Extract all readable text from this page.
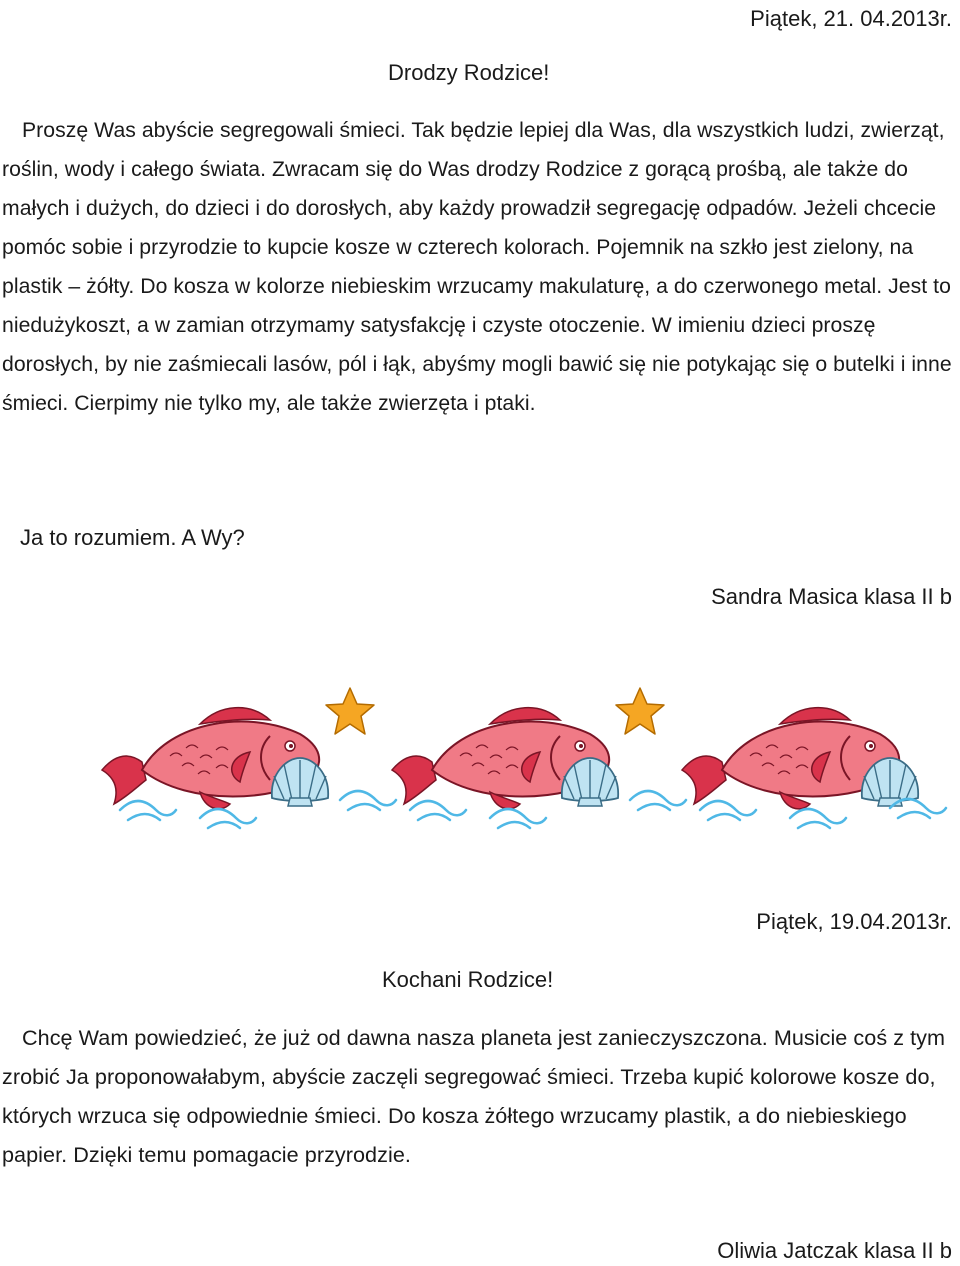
Piątek, 21. 04.2013r.
Drodzy Rodzice!
Proszę Was abyście segregowali śmieci. Tak będzie lepiej dla Was, dla wszystkich ludzi, zwierząt, roślin, wody i całego świata. Zwracam się do Was drodzy Rodzice z gorącą prośbą, ale także do małych i dużych, do dzieci i do dorosłych, aby każdy prowadził segregację odpadów. Jeżeli chcecie pomóc sobie i przyrodzie to kupcie kosze w czterech kolorach. Pojemnik na szkło jest zielony, na plastik – żółty. Do kosza w kolorze niebieskim wrzucamy makulaturę, a do czerwonego metal. Jest to niedużykoszt, a w zamian otrzymamy satysfakcję i czyste otoczenie. W imieniu dzieci proszę dorosłych, by nie zaśmiecali lasów, pól i łąk, abyśmy mogli bawić się nie potykając się o butelki i inne śmieci. Cierpimy nie tylko my, ale także zwierzęta i ptaki.
Ja to rozumiem. A Wy?
Sandra Masica klasa II b
Piątek, 19.04.2013r.
Kochani Rodzice!
Chcę Wam powiedzieć, że już od dawna nasza planeta jest zanieczyszczona. Musicie coś z tym zrobić Ja proponowałabym, abyście zaczęli segregować śmieci. Trzeba kupić kolorowe kosze do, których wrzuca się odpowiednie śmieci. Do kosza żółtego wrzucamy plastik, a do niebieskiego papier. Dzięki temu pomagacie przyrodzie.
Oliwia Jatczak klasa II b
